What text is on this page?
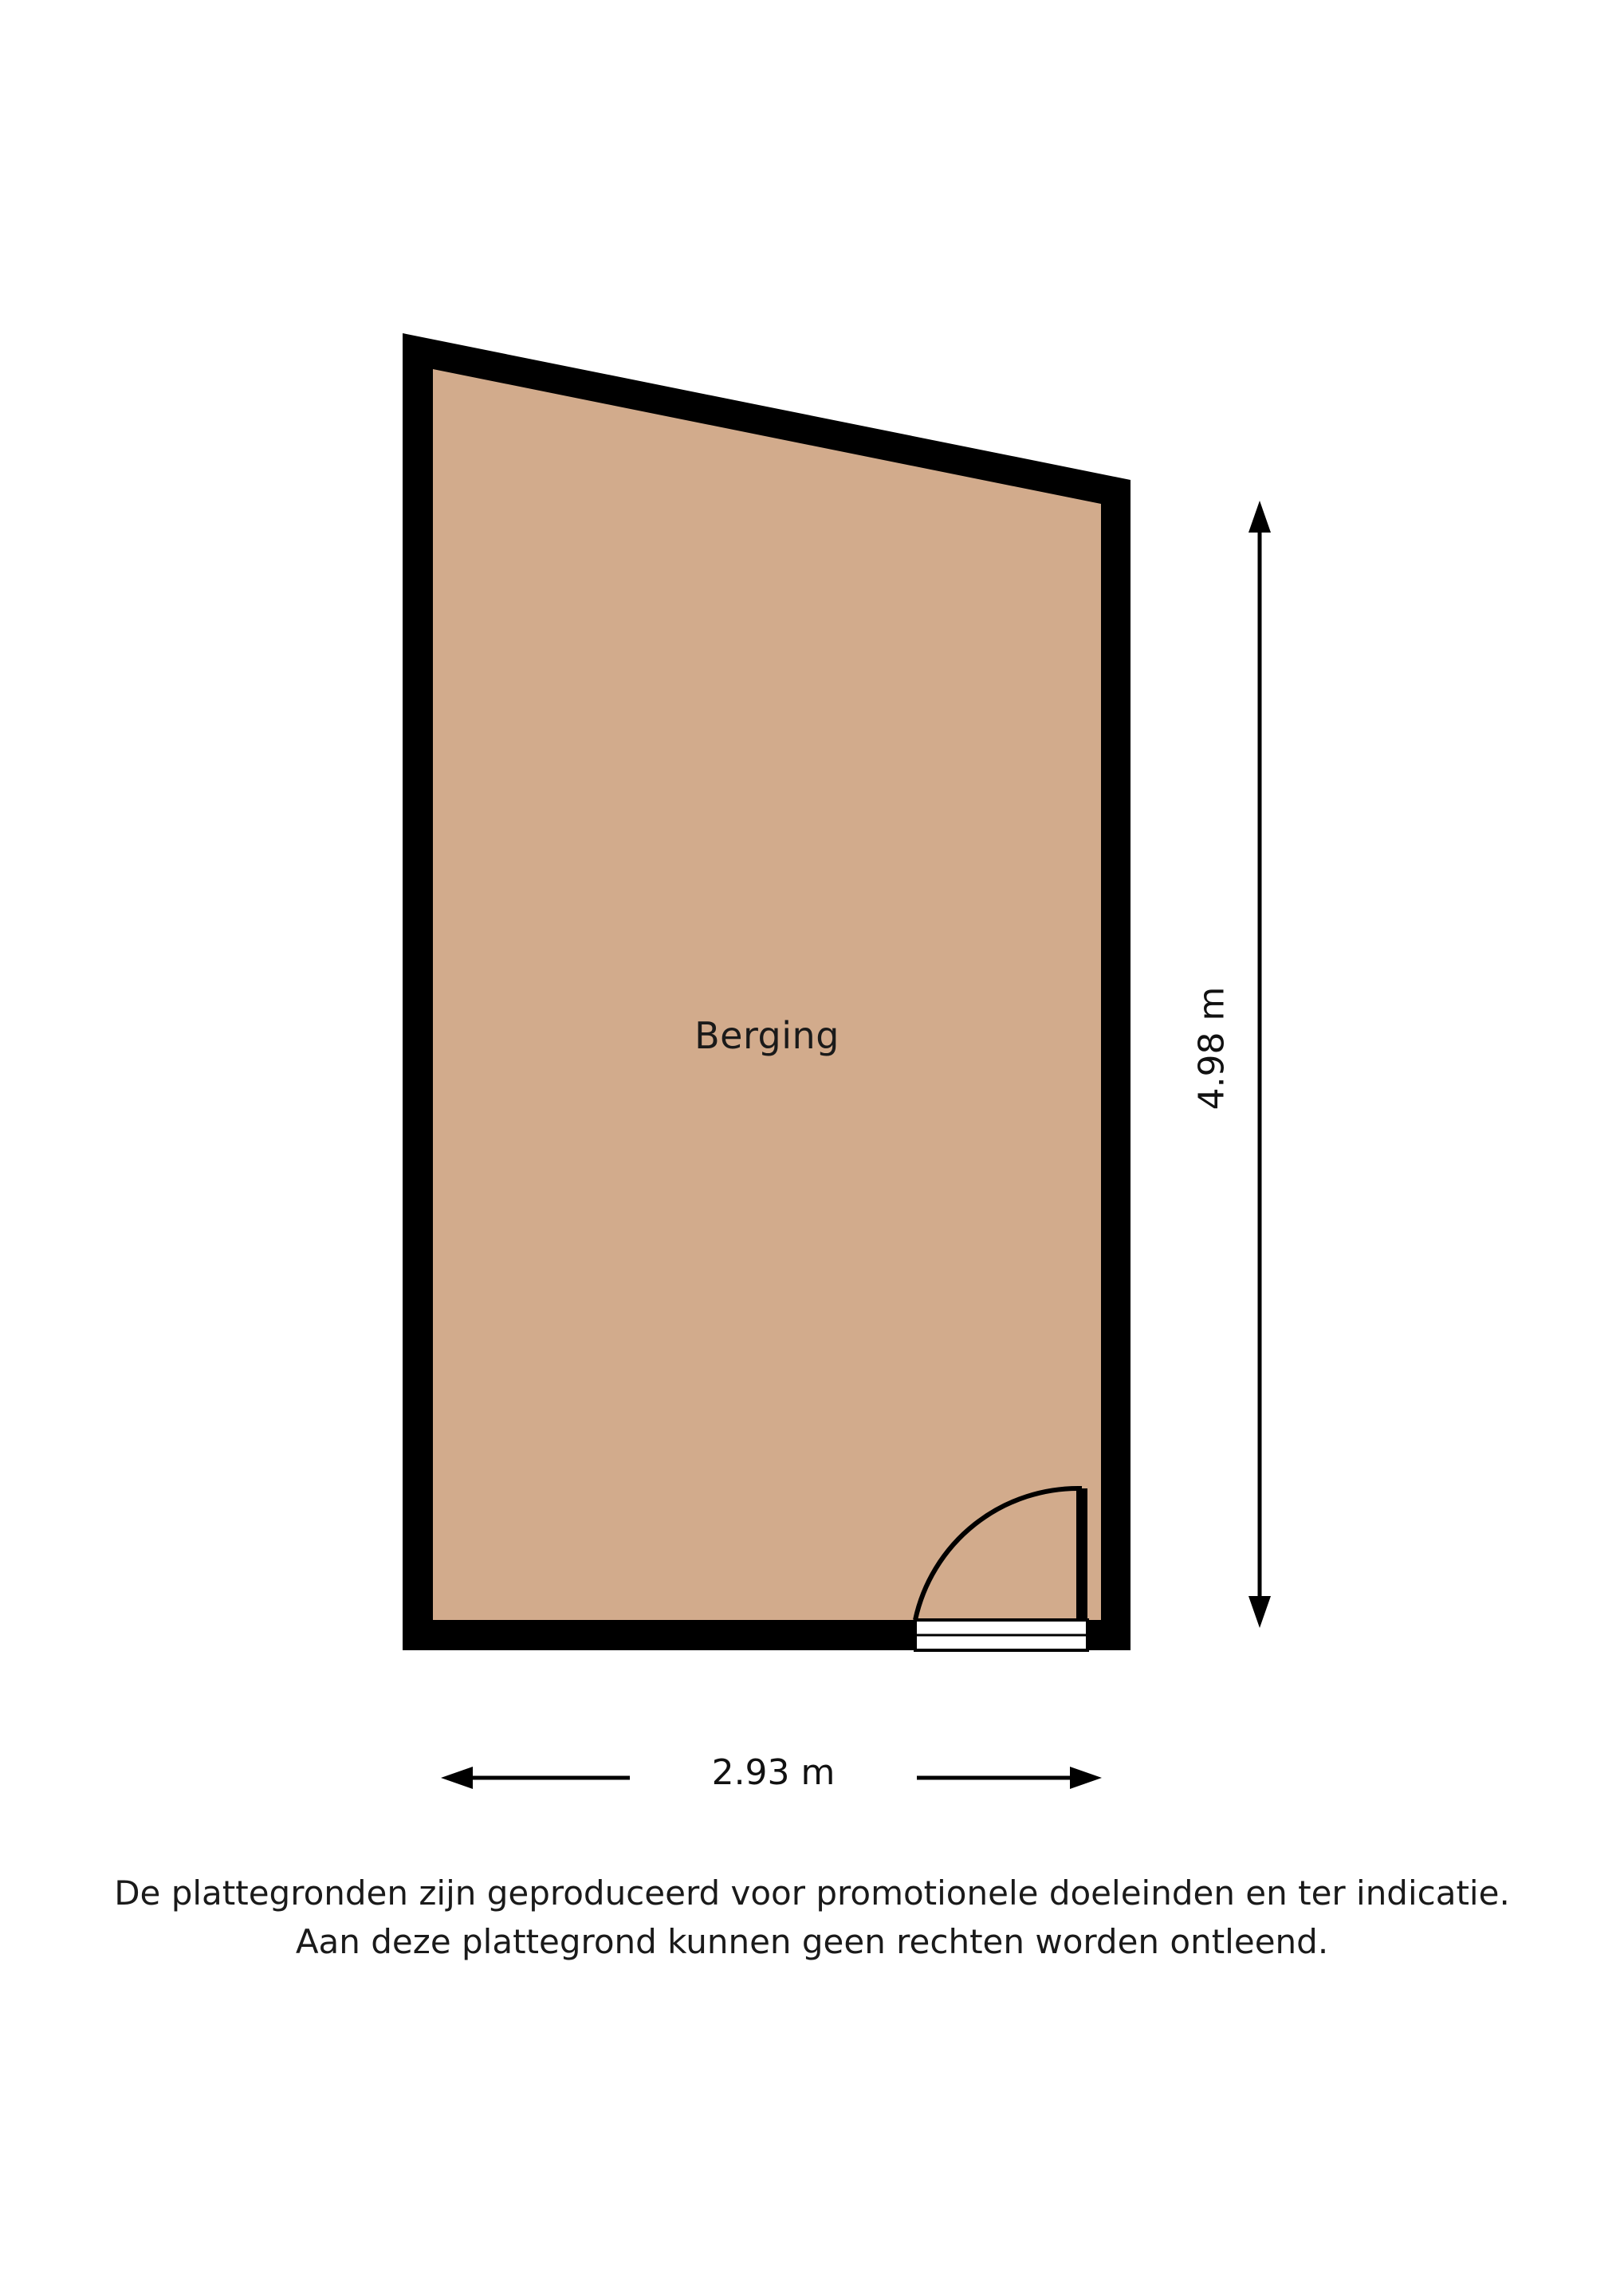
Berging	4.98 m
2.93 m
De plattegronden zijn geproduceerd voor promotionele doeleinden en ter indicatie.
Aan deze plattegrond kunnen geen rechten worden ontleend.
